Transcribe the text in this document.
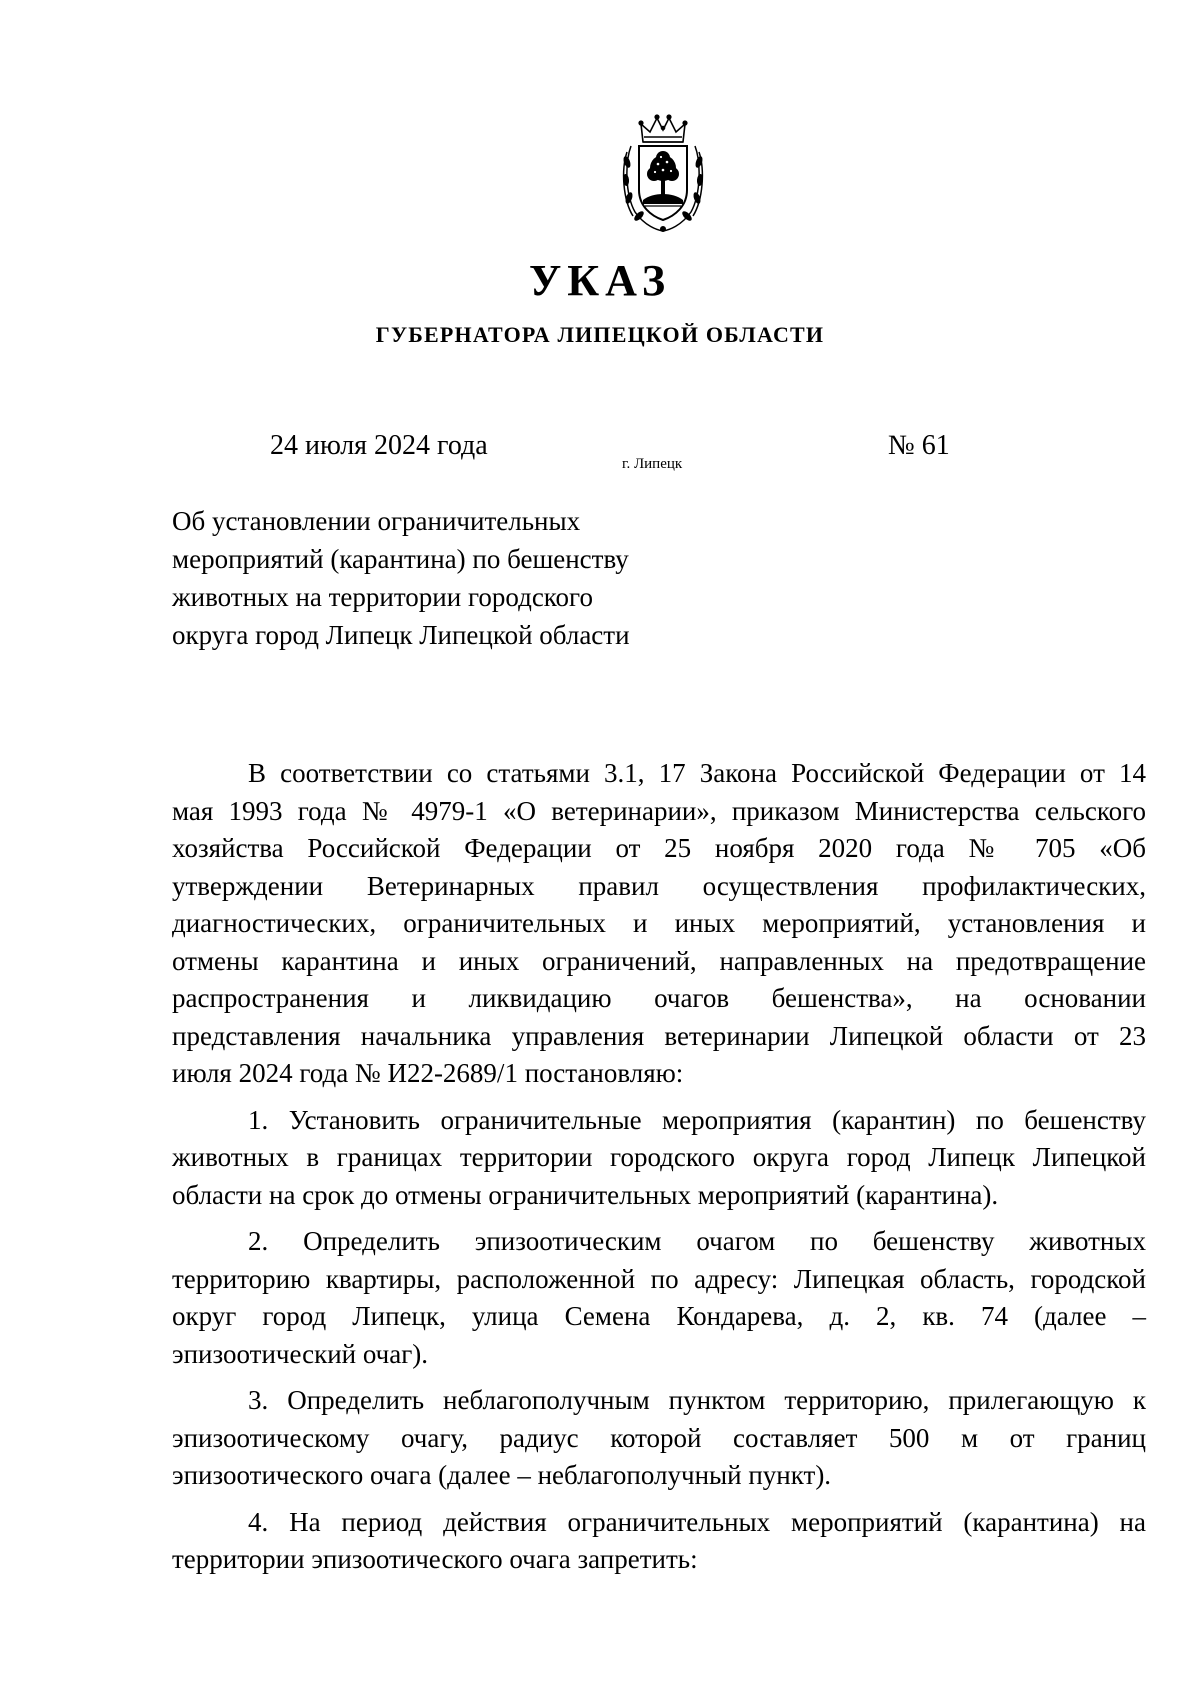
УКАЗ
ГУБЕРНАТОРА ЛИПЕЦКОЙ ОБЛАСТИ
24 июля 2024 года
г. Липецк
№ 61
Об установлении ограничительных
мероприятий (карантина) по бешенству
животных на территории городского
округа город Липецк Липецкой области
В соответствии со статьями 3.1, 17 Закона Российской Федерации от 14
мая 1993 года № 4979-1 «О ветеринарии», приказом Министерства сельского
хозяйства Российской Федерации от 25 ноября 2020 года № 705 «Об
утверждении Ветеринарных правил осуществления профилактических,
диагностических, ограничительных и иных мероприятий, установления и
отмены карантина и иных ограничений, направленных на предотвращение
распространения и ликвидацию очагов бешенства», на основании
представления начальника управления ветеринарии Липецкой области от 23
июля 2024 года № И22-2689/1 постановляю:
1. Установить ограничительные мероприятия (карантин) по бешенству
животных в границах территории городского округа город Липецк Липецкой
области на срок до отмены ограничительных мероприятий (карантина).
2. Определить эпизоотическим очагом по бешенству животных
территорию квартиры, расположенной по адресу: Липецкая область, городской
округ город Липецк, улица Семена Кондарева, д. 2, кв. 74 (далее –
эпизоотический очаг).
3. Определить неблагополучным пунктом территорию, прилегающую к
эпизоотическому очагу, радиус которой составляет 500 м от границ
эпизоотического очага (далее – неблагополучный пункт).
4. На период действия ограничительных мероприятий (карантина) на
территории эпизоотического очага запретить:
